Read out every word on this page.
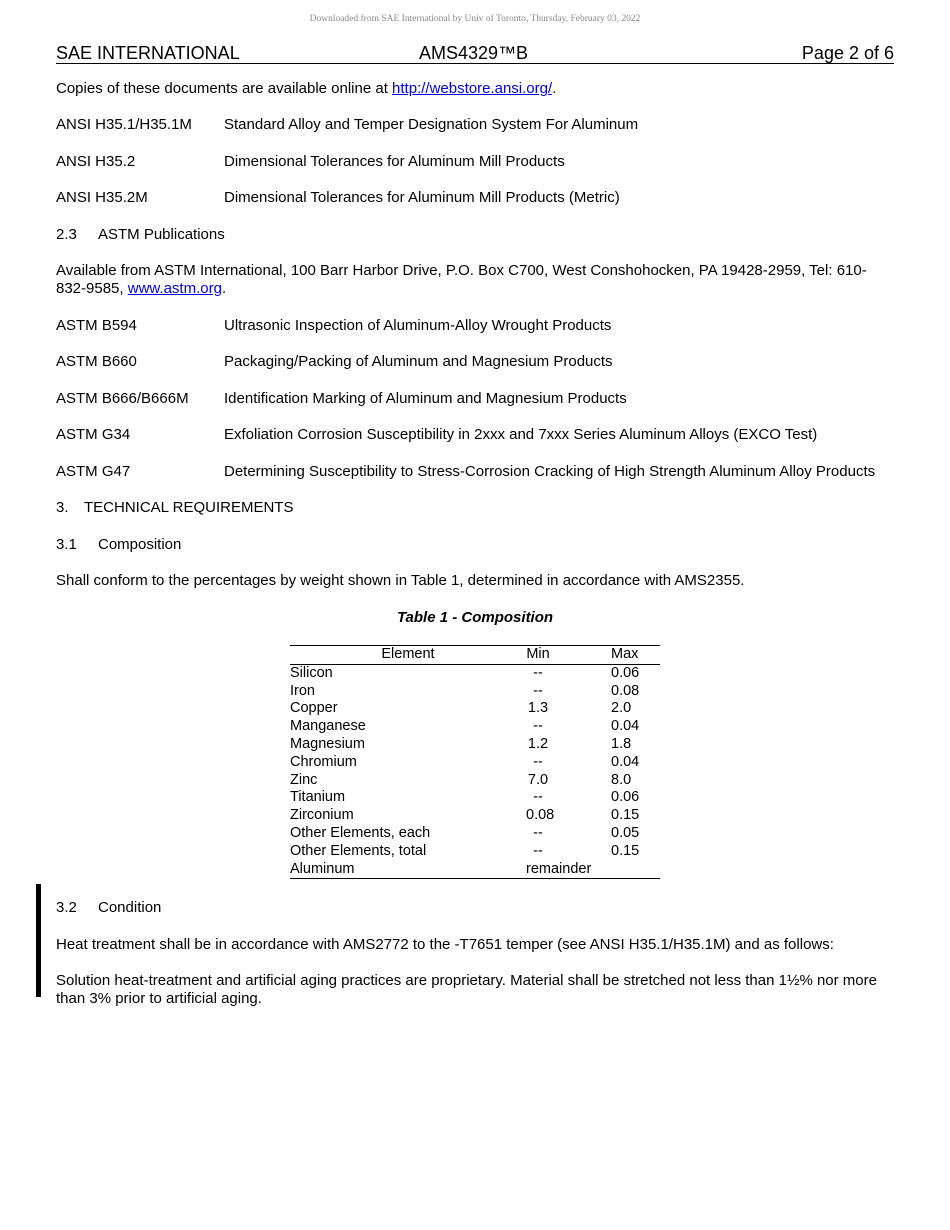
Downloaded from SAE International by Univ of Toronto, Thursday, February 03, 2022
SAE INTERNATIONAL	AMS4329™B	Page 2 of 6
Copies of these documents are available online at http://webstore.ansi.org/.
ANSI H35.1/H35.1M Standard Alloy and Temper Designation System For Aluminum
ANSI H35.2	Dimensional Tolerances for Aluminum Mill Products
ANSI H35.2M	Dimensional Tolerances for Aluminum Mill Products (Metric)
2.3 ASTM Publications
Available from ASTM International, 100 Barr Harbor Drive, P.O. Box C700, West Conshohocken, PA 19428-2959, Tel: 610-832-9585, www.astm.org.
ASTM B594	Ultrasonic Inspection of Aluminum-Alloy Wrought Products
ASTM B660	Packaging/Packing of Aluminum and Magnesium Products
ASTM B666/B666M Identification Marking of Aluminum and Magnesium Products
ASTM G34	Exfoliation Corrosion Susceptibility in 2xxx and 7xxx Series Aluminum Alloys (EXCO Test)
ASTM G47	Determining Susceptibility to Stress-Corrosion Cracking of High Strength Aluminum Alloy Products
3. TECHNICAL REQUIREMENTS
3.1 Composition
Shall conform to the percentages by weight shown in Table 1, determined in accordance with AMS2355.
Table 1 - Composition
Element	Min	Max
Silicon	--	0.06
Iron	--	0.08
Copper	1.3	2.0
Manganese	--	0.04
Magnesium	1.2	1.8
Chromium	--	0.04
Zinc	7.0	8.0
Titanium	--	0.06
Zirconium	0.08	0.15
Other Elements, each	--	0.05
Other Elements, total	--	0.15
Aluminum	remainder	
3.2 Condition
Heat treatment shall be in accordance with AMS2772 to the -T7651 temper (see ANSI H35.1/H35.1M) and as follows:
Solution heat-treatment and artificial aging practices are proprietary. Material shall be stretched not less than 1½% nor more than 3% prior to artificial aging.
